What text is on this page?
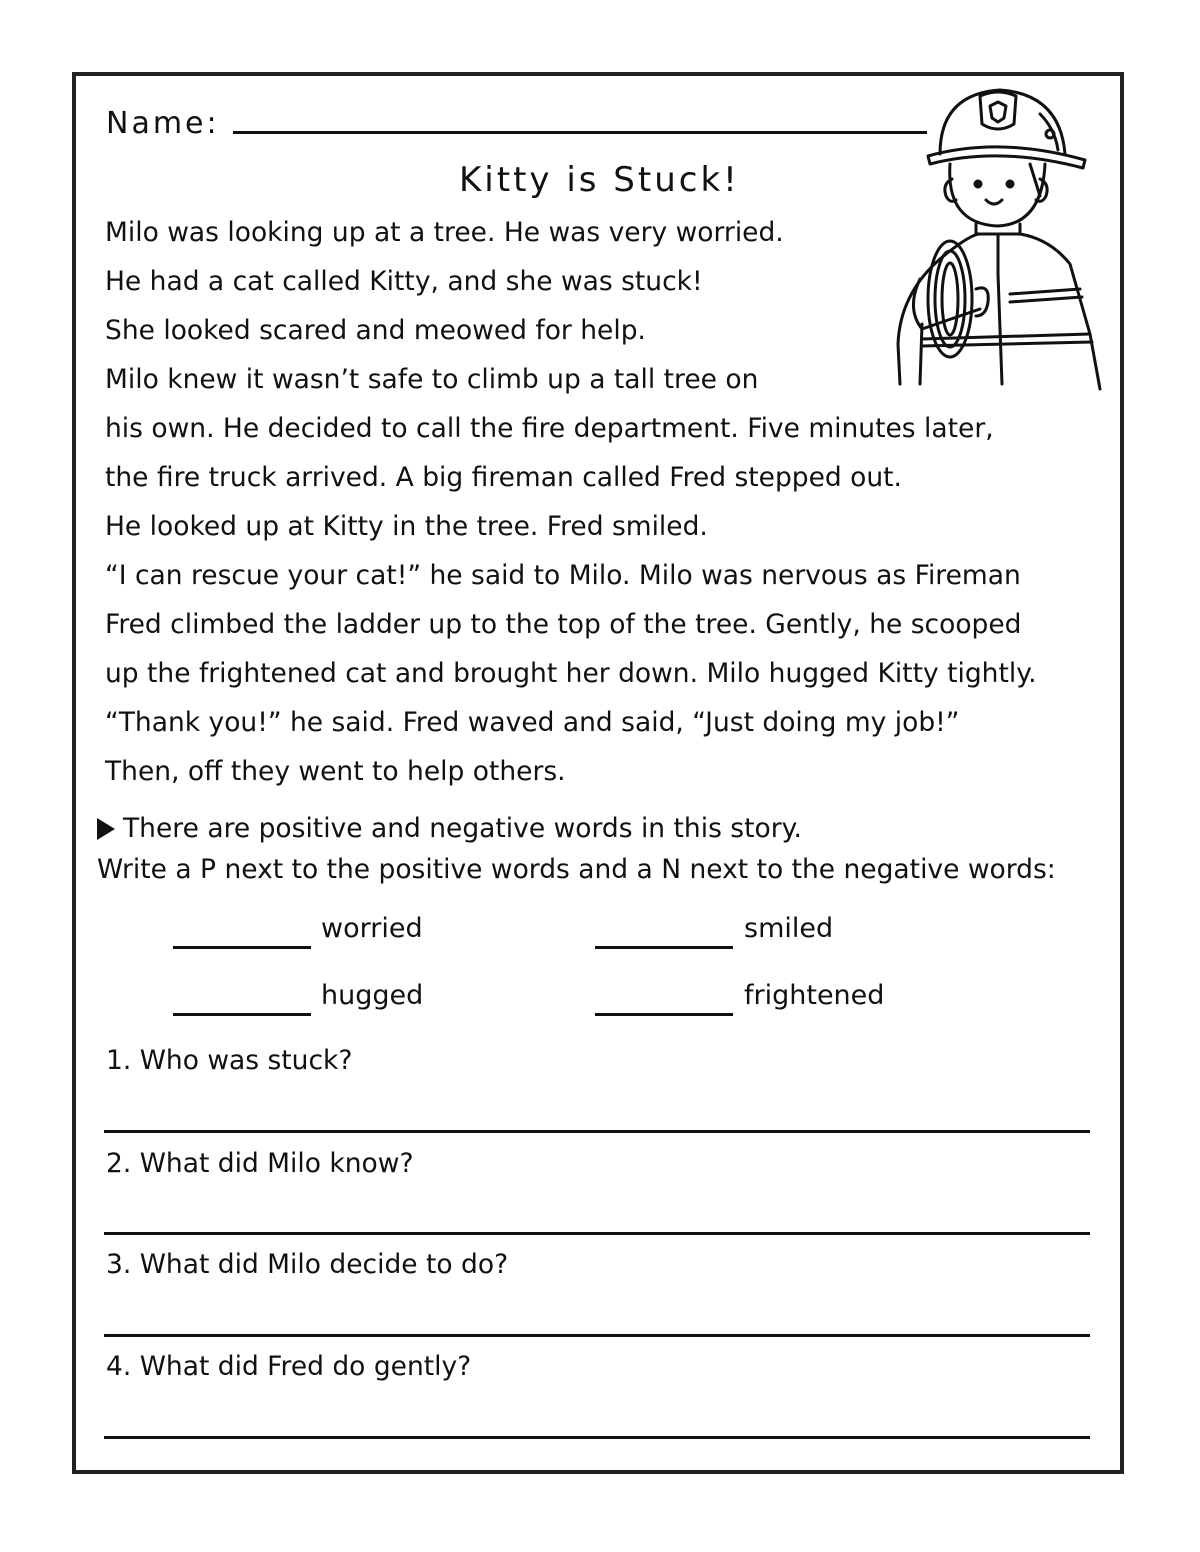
Name:
Kitty is Stuck!
Milo was looking up at a tree. He was very worried.
He had a cat called Kitty, and she was stuck!
She looked scared and meowed for help.
Milo knew it wasn’t safe to climb up a tall tree on
his own. He decided to call the fire department. Five minutes later,
the fire truck arrived. A big fireman called Fred stepped out.
He looked up at Kitty in the tree. Fred smiled.
“I can rescue your cat!” he said to Milo. Milo was nervous as Fireman
Fred climbed the ladder up to the top of the tree. Gently, he scooped
up the frightened cat and brought her down. Milo hugged Kitty tightly.
“Thank you!” he said. Fred waved and said, “Just doing my job!”
Then, off they went to help others.
There are positive and negative words in this story.
Write a P next to the positive words and a N next to the negative words:
worried	smiled
hugged	frightened
1. Who was stuck?
2. What did Milo know?
3. What did Milo decide to do?
4. What did Fred do gently?
